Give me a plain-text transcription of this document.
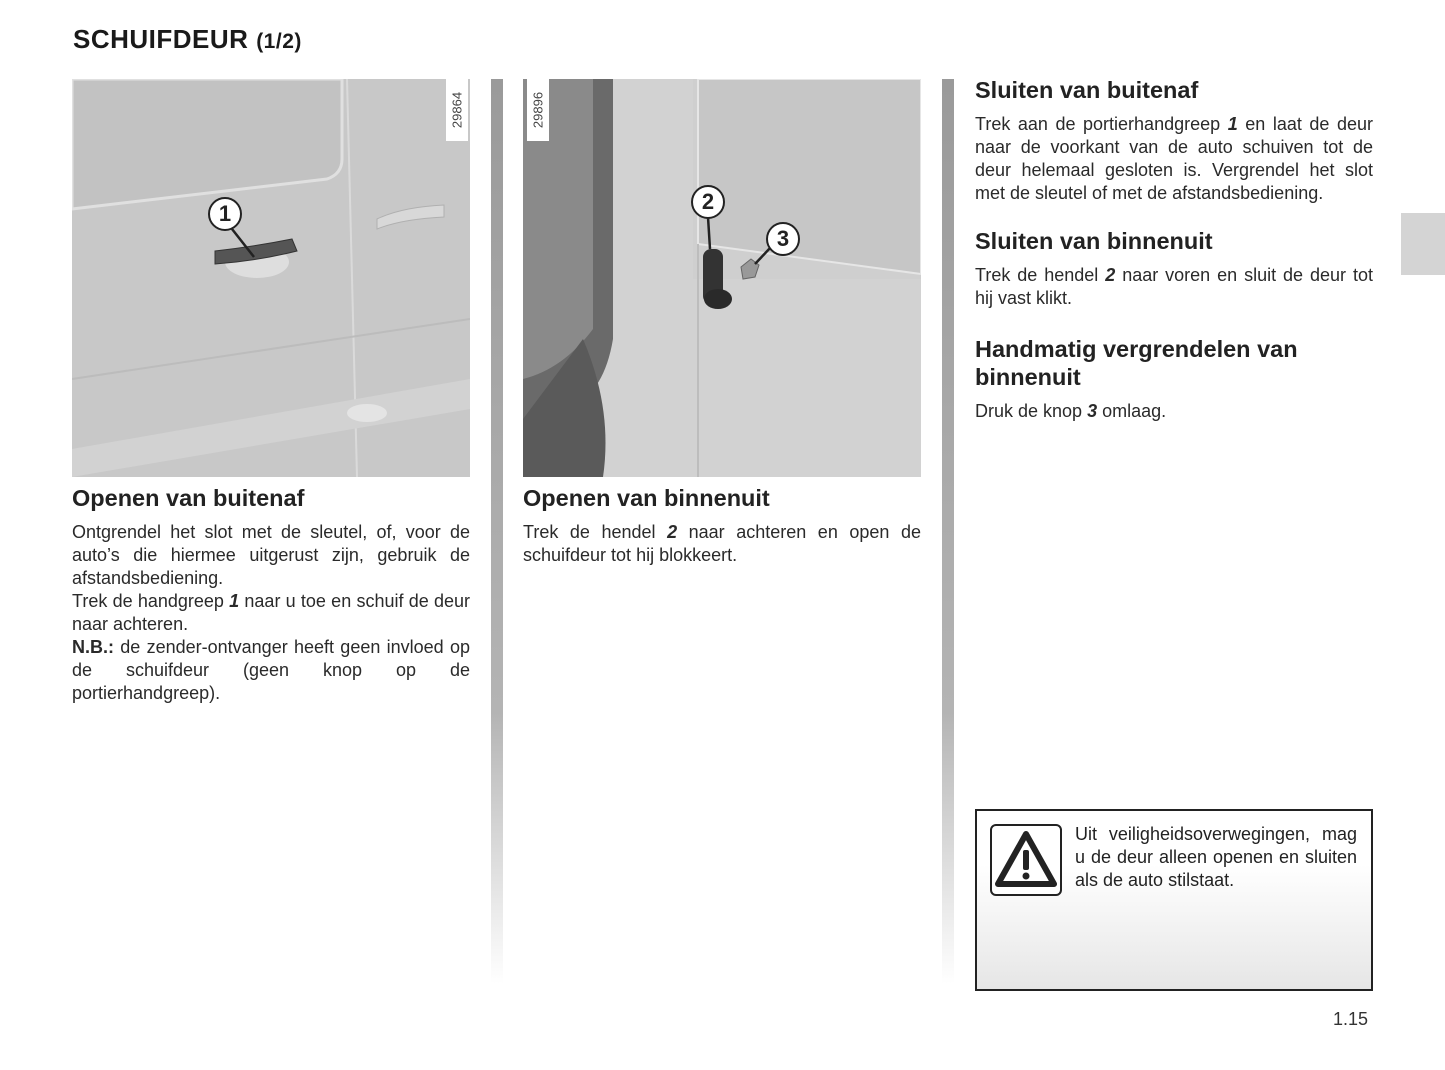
SCHUIFDEUR (1/2)
1
29864
2
3
29896
Openen van buitenaf

Ontgrendel het slot met de sleutel, of, voor de auto’s die hiermee uitgerust zijn, gebruik de afstandsbediening.

Trek de handgreep 1 naar u toe en schuif de deur naar achteren.

N.B.: de zender-ontvanger heeft geen invloed op de schuifdeur (geen knop op de portierhandgreep).

Openen van binnenuit

Trek de hendel 2 naar achteren en open de schuifdeur tot hij blokkeert.

Sluiten van buitenaf

Trek aan de portierhandgreep 1 en laat de deur naar de voorkant van de auto schuiven tot de deur helemaal gesloten is. Vergrendel het slot met de sleutel of met de afstandsbediening.

Sluiten van binnenuit

Trek de hendel 2 naar voren en sluit de deur tot hij vast klikt.

Handmatig vergrendelen van binnenuit

Druk de knop 3 omlaag.

Uit veiligheidsoverwegingen, mag u de deur alleen openen en sluiten als de auto stilstaat.
1.15
